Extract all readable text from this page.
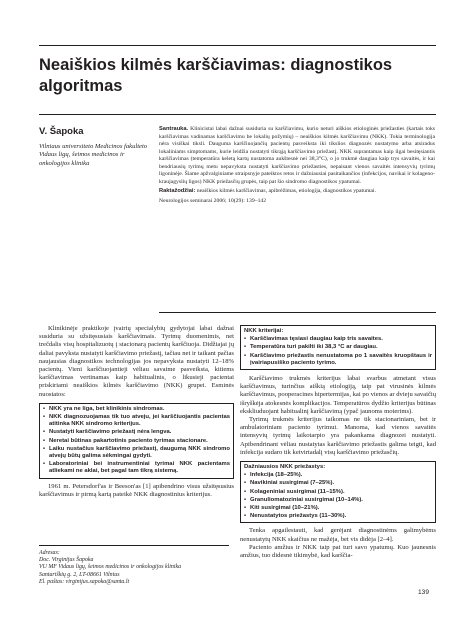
Neaiškios kilmės karščiavimas: diagnostikos algoritmas

V. Šapoka

Vilniaus universiteto Medicinos fakulteto Vidaus ligų, šeimos medicinos ir onkologijos klinika

Santrauka. Klinicistai labai dažnai susiduria su karščiavimu, kurio neturi aiškios etiologinės priežasties (kartais toks karščiavimas vadinamas karščiavimu be lokalių požymių) – neaiškios kilmės karščiavimu (NKK). Tokia terminologija nėra visiškai tiksli. Dauguma karščiuojančių pacientų pasveiksta iki tikslios diagnozės nustatymo arba atsiradus lokaliniams simptomams, kurie leidžia nustatyti tikrąją karščiavimo priežastį. NKK suprantamas kaip ilgai besitęsiantis karščiavimas (temperatūra keletą kartų nustatoma aukštesnė nei 38,3°C), o jo trukmė daugiau kaip trys savaitės, ir kai bendriausių tyrimų metu nepavyksta nustatyti karščiavimo priežasties, nepaisant vienos savaitės intensyvių tyrimų ligoninėje. Šiame apžvalginiame straipsnyje pateiktos retos ir dažniausiai pasitaikančios (infekcijos, navikai ir kolageno-kraujagyslių ligos) NKK priežasčių grupės, taip pat šio sindromo diagnostikos ypatumai.

Raktažodžiai: neaiškios kilmės karščiavimas, apibrėžimas, etiologija, diagnostikos ypatumai.

Neurologijos seminarai 2006; 10(29): 139–142

Klinikinėje praktikoje įvairių specialybių gydytojai labai dažnai susiduria su užsitęsusiais karščiavimais. Tyrimų duomenimis, net trečdalis visų hospitalizuotų į stacionarą pacientų karščiuoja. Didžiajai jų daliai pavyksta nustatyti karščiavimo priežastį, tačiau net ir taikant pačias naujausias diagnostikos technologijas jos nepavyksta nustatyti 12–18% pacientų. Vieni karščiuojantieji vėliau savaime pasveiksta, kitiems karščiavimas vertinamas kaip habitualinis, o likusieji pacientai priskiriami neaiškios kilmės karščiavimo (NKK) grupei. Esminės nuostatos:

• NKK yra ne liga, bet klinikinis sindromas.
• NKK diagnozuojamas tik tuo atveju, jei karščiuojantis pacientas atitinka NKK sindromo kriterijus.
• Nustatyti karščiavimo priežastį nėra lengva.
• Neretai būtinas pakartotinis paciento tyrimas stacionare.
• Laiku nustačius karščiavimo priežastį, daugumą NKK sindromo atvejų būtų galima sėkmingai gydyti.
• Laboratoriniai bei instrumentiniai tyrimai NKK pacientams atliekami ne aklai, bet pagal tam tikrą sistemą.

1961 m. Petersdorf'as ir Beeson'as [1] apibendrino visus užsitęsusius karščiavimus ir pirmą kartą pateikė NKK diagnostinius kriterijus.

NKK kriterijai:

• Karščiavimas tęsiasi daugiau kaip tris savaites.
• Temperatūra turi pakilti iki 38,3 °C ar daugiau.
• Karščiavimo priežastis nenustatoma po 1 savaitės kruopštaus ir įvairiapusiško paciento tyrimo.

Karščiavimo trukmės kriterijus labai svarbus atmetant visus karščiavimus, turinčius aiškią etiologiją, taip pat virusinės kilmės karščiavimus, pooperacines hipertermijas, kai po vienos ar dvieju savaičių išryškėja atokesnės komplikacijos. Temperatūros dydžio kriterijus būtinas ekskliuduojant habitualinį karščiavimą (ypač jaunoms moterims).

Tyrimų trukmės kriterijus taikomas ne tik stacionariniam, bet ir ambulatoriniam paciento tyrimui. Manoma, kad vienos savaitės intensyvių tyrimų laikotarpio yra pakankama diagnozei nustatyti. Apibendrinant vėliau nustatytas karščiavimo priežastis galima teigti, kad infekcija sudaro tik ketvirtadalį visų karščiavimo priežasčių.

Dažniausios NKK priežastys:

• Infekcija (18–25%).
• Navikiniai susirgimai (7–25%).
• Kolageniniai susirgimai (11–15%).
• Granuliomatoziniai susirgimai (10–14%).
• Kiti susirgimai (10–21%).
• Nenustatytos priežastys (11–30%).

Tenka apgailestauti, kad gerėjant diagnostinėms galimybėms nenustatytų NKK skaičius ne mažėja, bet vis didėja [2–4].

Paciento amžius ir NKK taip pat turi savo ypatumų. Kuo jaunesnis amžius, tuo didesnė tikimybė, kad karščia-

Adresas:
Doc. Virginijus Šapoka
VU MF Vidaus ligų, šeimos medicinos ir onkologijos klinika
Santariškių g. 2, LT-08661 Vilnius
El. paštas: virginijus.sapoka@santa.lt
139
